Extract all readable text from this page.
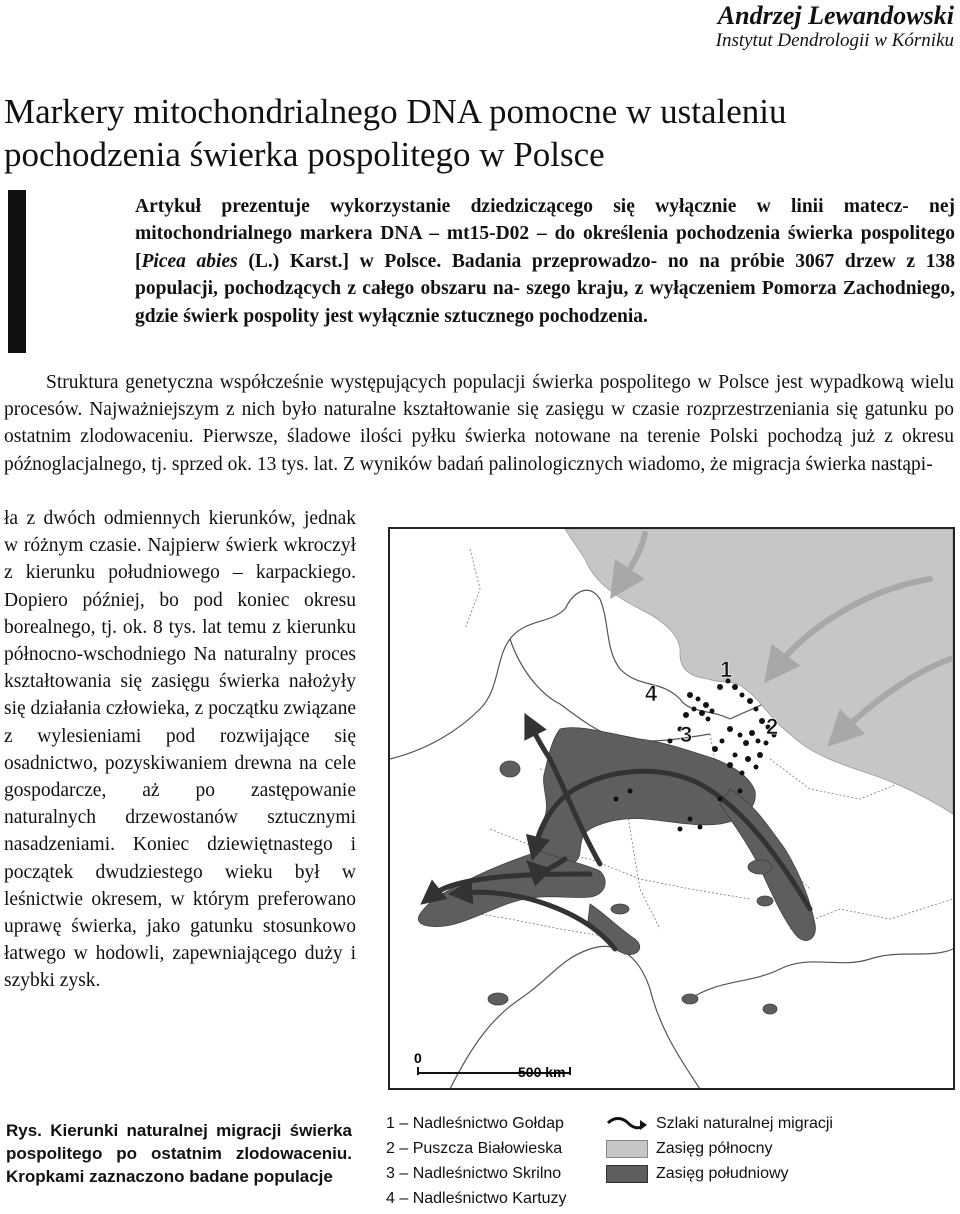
Andrzej Lewandowski
Instytut Dendrologii w Kórniku
Markery mitochondrialnego DNA pomocne w ustaleniu
pochodzenia świerka pospolitego w Polsce

Artykuł prezentuje wykorzystanie dziedziczącego się wyłącznie w linii matecz- nej mitochondrialnego markera DNA – mt15-D02 – do określenia pochodzenia świerka pospolitego [Picea abies (L.) Karst.] w Polsce. Badania przeprowadzo- no na próbie 3067 drzew z 138 populacji, pochodzących z całego obszaru na- szego kraju, z wyłączeniem Pomorza Zachodniego, gdzie świerk pospolity jest wyłącznie sztucznego pochodzenia.

Struktura genetyczna współcześnie występujących populacji świerka pospolitego w Polsce jest wypadkową wielu procesów. Najważniejszym z nich było naturalne kształtowanie się zasięgu w czasie rozprzestrzeniania się gatunku po ostatnim zlodowaceniu. Pierwsze, śladowe ilości pyłku świerka notowane na terenie Polski pochodzą już z okresu późnoglacjalnego, tj. sprzed ok. 13 tys. lat. Z wyników badań palinologicznych wiadomo, że migracja świerka nastąpi-

ła z dwóch odmiennych kierunków, jednak w różnym czasie. Najpierw świerk wkroczył z kierunku południowego – karpackiego. Dopiero później, bo pod koniec okresu borealnego, tj. ok. 8 tys. lat temu z kierunku północno-wschodniego Na naturalny proces kształtowania się zasięgu świerka nałożyły się działania człowieka, z początku związane z wylesieniami pod rozwijające się osadnictwo, pozyskiwaniem drewna na cele gospodarcze, aż po zastępowanie naturalnych drzewostanów sztucznymi nasadzeniami. Koniec dziewiętnastego i początek dwudziestego wieku był w leśnictwie okresem, w którym preferowano uprawę świerka, jako gatunku stosunkowo łatwego w hodowli, zapewniającego duży i szybki zysk.

1
2
3
4
0
500 km

Rys. Kierunki naturalnej migracji świerka pospolitego po ostatnim zlodowaceniu. Kropkami zaznaczono badane populacje

1 – Nadleśnictwo Gołdap
2 – Puszcza Białowieska
3 – Nadleśnictwo Skrilno
4 – Nadleśnictwo Kartuzy
Szlaki naturalnej migracji
Zasięg północny
Zasięg południowy
